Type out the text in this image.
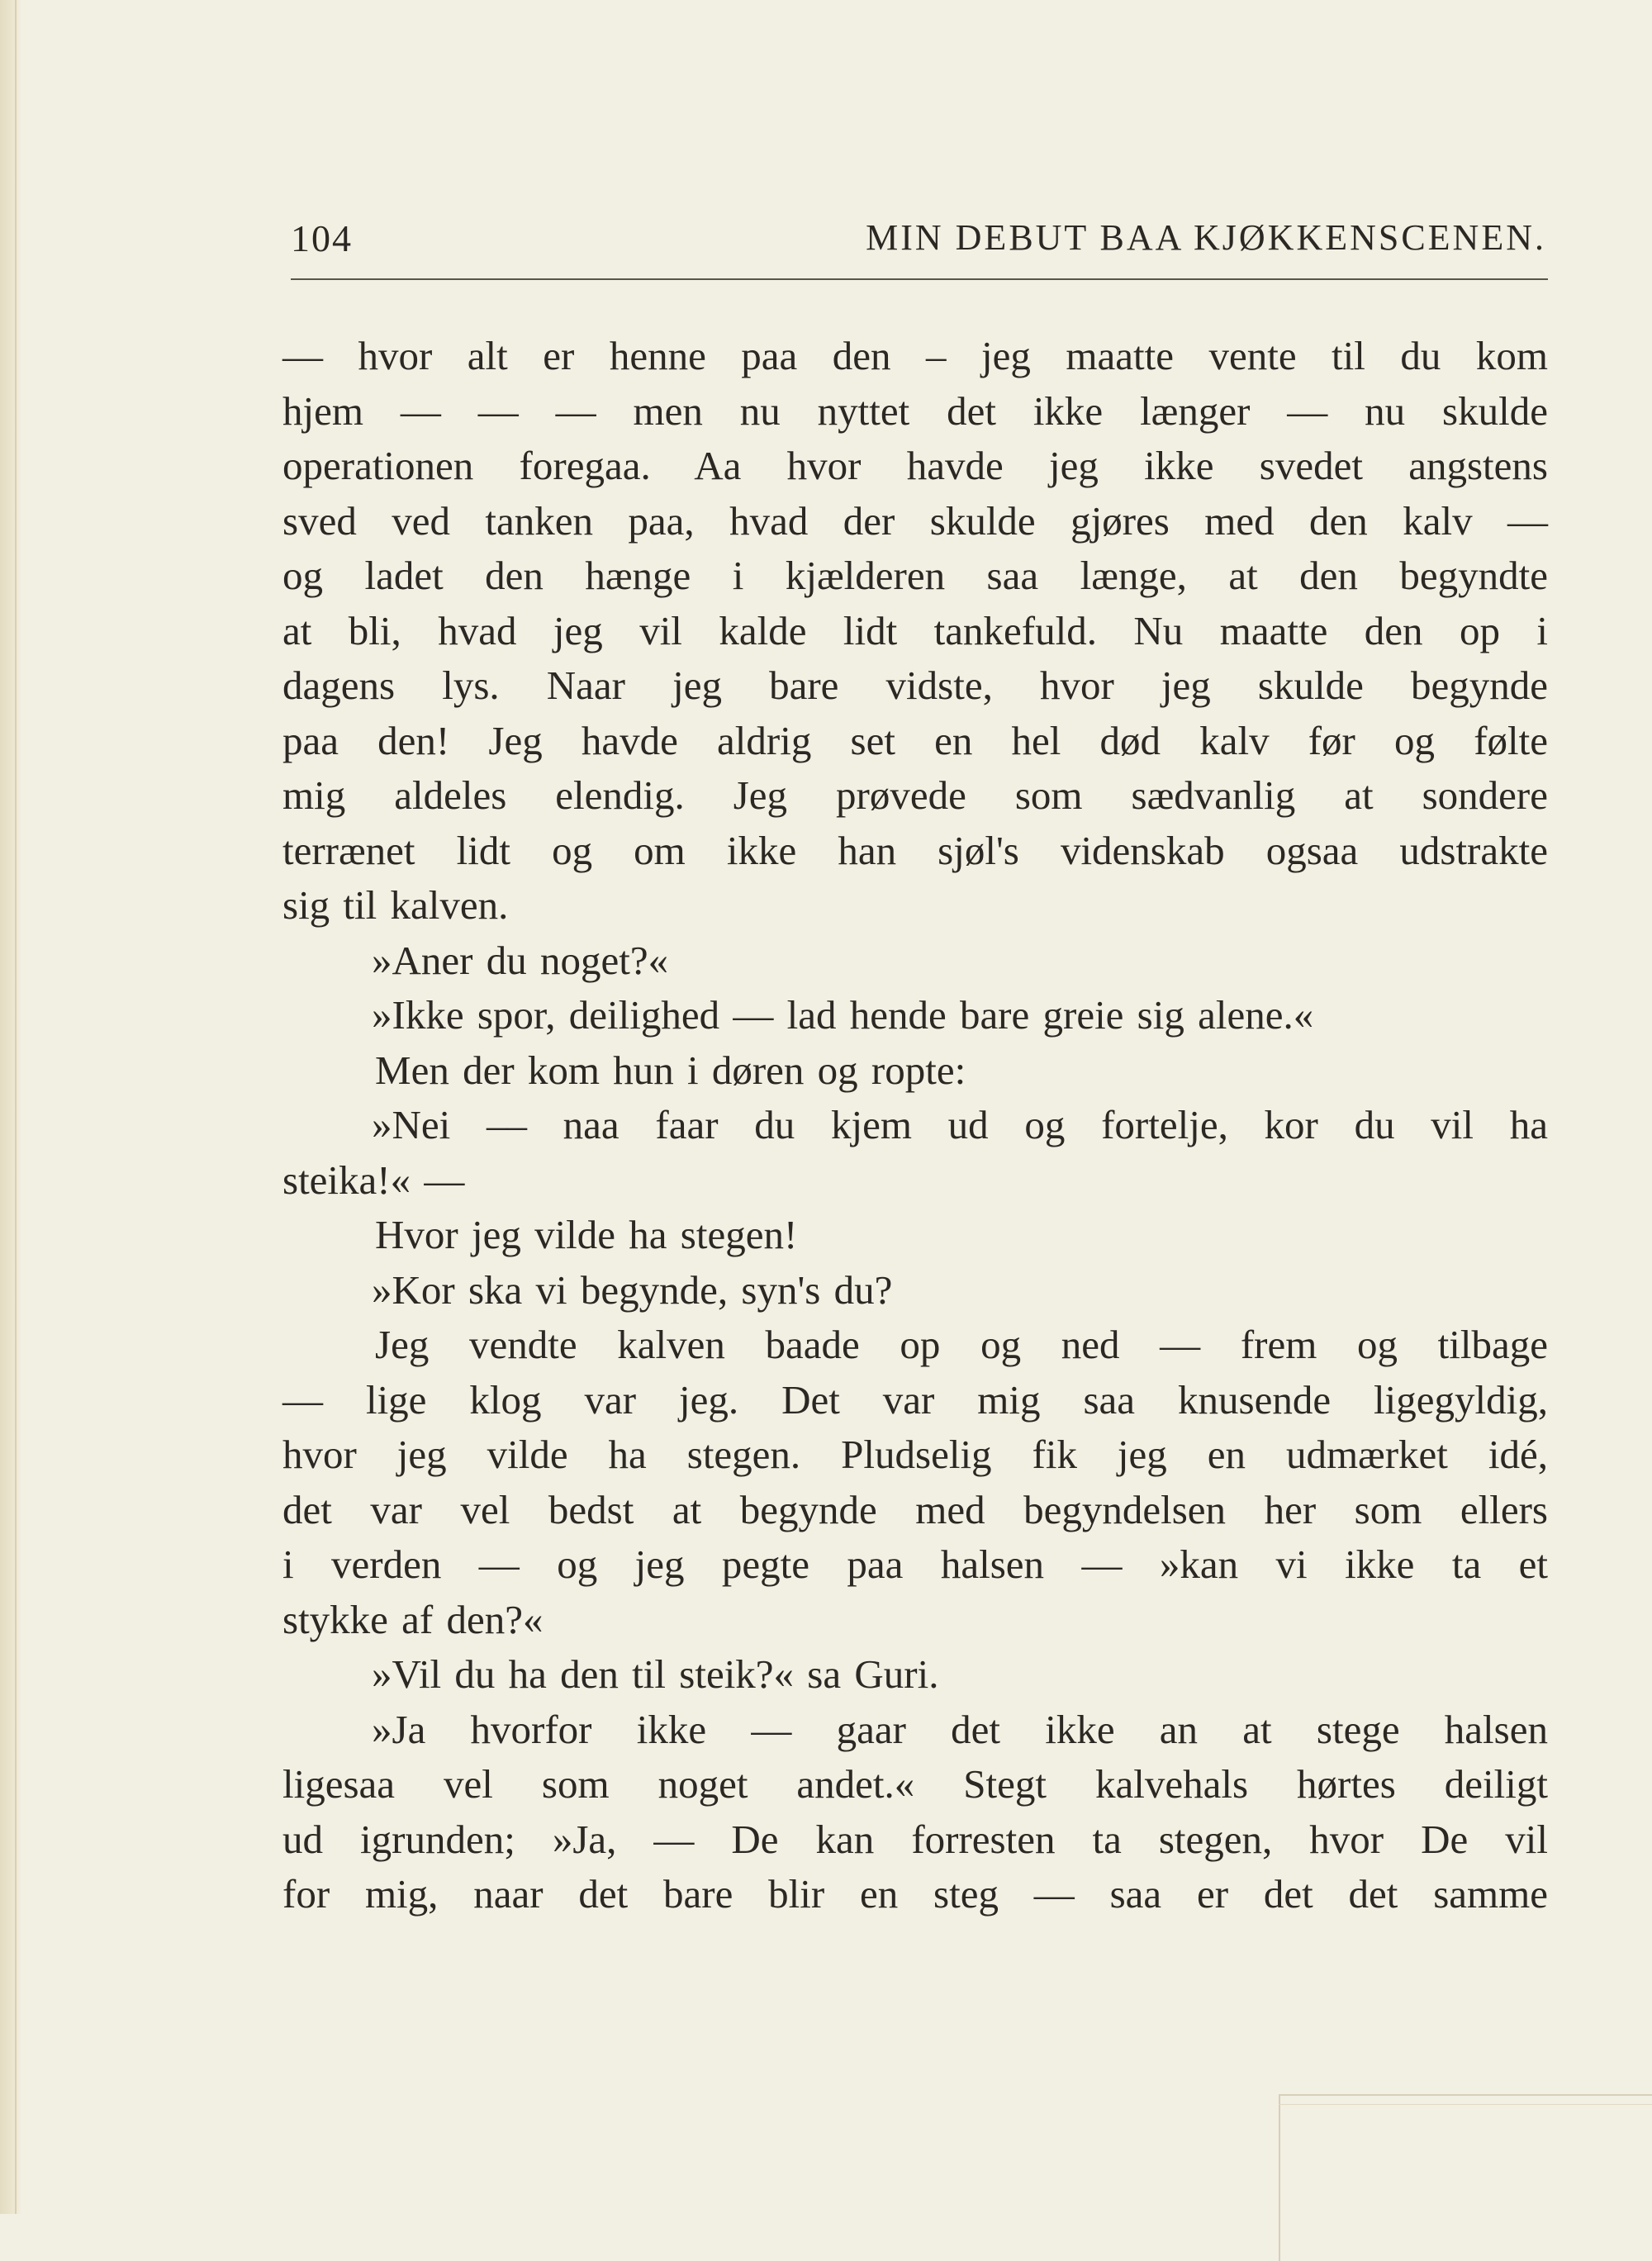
104	MIN DEBUT BAA KJØKKENSCENEN.
— hvor alt er henne paa den – jeg maatte vente til du kom
hjem — — — men nu nyttet det ikke længer — nu skulde
operationen foregaa. Aa hvor havde jeg ikke svedet angstens
sved ved tanken paa, hvad der skulde gjøres med den kalv —
og ladet den hænge i kjælderen saa længe, at den begyndte
at bli, hvad jeg vil kalde lidt tankefuld. Nu maatte den op i
dagens lys. Naar jeg bare vidste, hvor jeg skulde begynde
paa den! Jeg havde aldrig set en hel død kalv før og følte
mig aldeles elendig. Jeg prøvede som sædvanlig at sondere
terrænet lidt og om ikke han sjøl's videnskab ogsaa udstrakte
sig til kalven.
»Aner du noget?«
»Ikke spor, deilighed — lad hende bare greie sig alene.«
Men der kom hun i døren og ropte:
»Nei –– naa faar du kjem ud og fortelje, kor du vil ha
steika!« —
Hvor jeg vilde ha stegen!
»Kor ska vi begynde, syn's du?
Jeg vendte kalven baade op og ned — frem og tilbage
— lige klog var jeg. Det var mig saa knusende ligegyldig,
hvor jeg vilde ha stegen. Pludselig fik jeg en udmærket idé,
det var vel bedst at begynde med begyndelsen her som ellers
i verden — og jeg pegte paa halsen — »kan vi ikke ta et
stykke af den?«
»Vil du ha den til steik?« sa Guri.
»Ja hvorfor ikke — gaar det ikke an at stege halsen
ligesaa vel som noget andet.« Stegt kalvehals hørtes deiligt
ud igrunden; »Ja, — De kan forresten ta stegen, hvor De vil
for mig, naar det bare blir en steg — saa er det det samme
